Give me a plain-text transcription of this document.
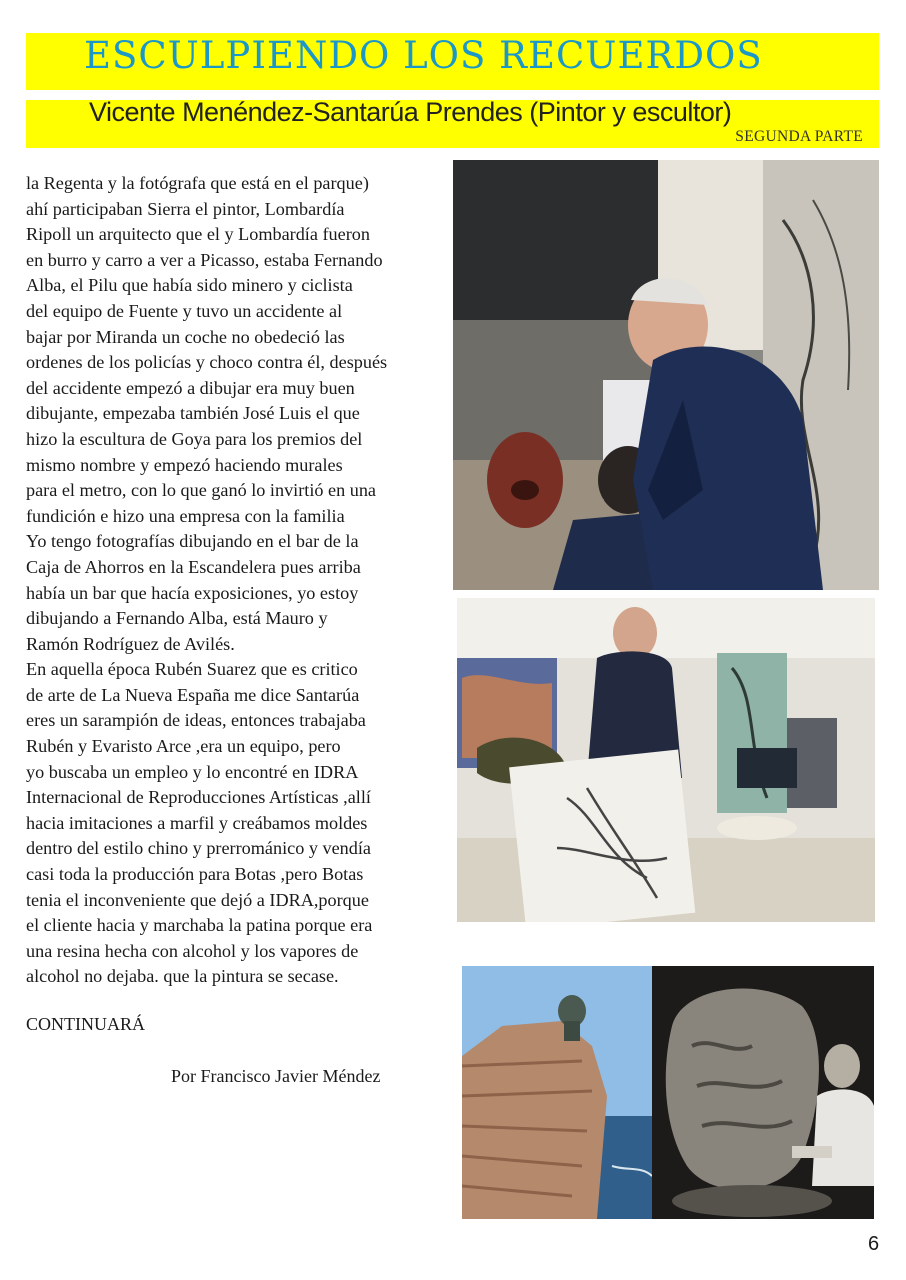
ESCULPIENDO LOS RECUERDOS
Vicente Menéndez-Santarúa Prendes (Pintor y escultor)
SEGUNDA PARTE
la Regenta y la fotógrafa que está en el parque)
ahí participaban Sierra el pintor, Lombardía
Ripoll un arquitecto que el y Lombardía fueron
en burro y carro a ver a Picasso, estaba Fernando
Alba, el Pilu que había sido minero y ciclista
del equipo de Fuente y tuvo un accidente al
bajar por Miranda un coche no obedeció las
ordenes de los policías y choco contra él, después
del accidente empezó a dibujar era muy buen
dibujante, empezaba también José Luis el que
hizo la escultura de Goya para los premios del
mismo nombre y empezó haciendo murales
para el metro, con lo que ganó lo invirtió en una
fundición e hizo una empresa con la familia
Yo tengo fotografías dibujando en el bar de la
Caja de Ahorros en la Escandelera pues arriba
había un bar que hacía exposiciones, yo estoy
dibujando a Fernando Alba, está Mauro y
Ramón Rodríguez de Avilés.
En aquella época Rubén Suarez que es critico
de arte de La Nueva España me dice Santarúa
eres un sarampión de ideas, entonces trabajaba
Rubén y Evaristo Arce ,era un equipo, pero
yo buscaba un empleo y lo encontré en IDRA
Internacional de Reproducciones Artísticas ,allí
hacia imitaciones a marfil y creábamos moldes
dentro del estilo chino y prerrománico y vendía
casi toda la producción para Botas ,pero Botas
tenia el inconveniente que dejó a IDRA,porque
el cliente hacia y marchaba la patina porque era
una resina hecha con alcohol y los vapores de
alcohol no dejaba. que la pintura se secase.
CONTINUARÁ
Por Francisco Javier Méndez
6
